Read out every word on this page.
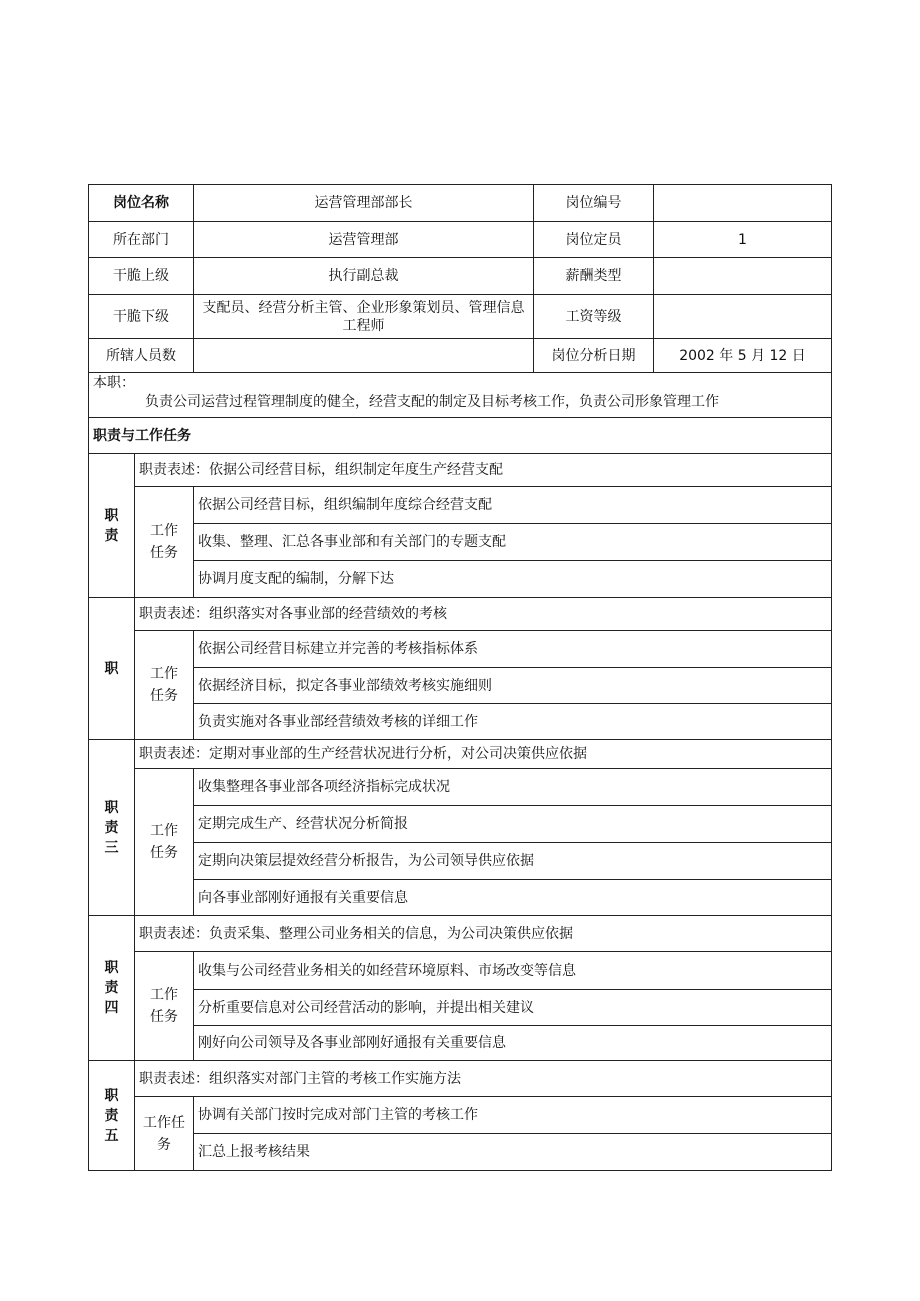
岗位名称		运营管理部部长	岗位编号	
所在部门		运营管理部	岗位定员	1
干脆上级		执行副总裁	薪酬类型	
干脆下级		支配员、经营分析主管、企业形象策划员、管理信息工程师	工资等级	
所辖人员数			岗位分析日期	2002 年 5 月 12 日

本职：
负责公司运营过程管理制度的健全，经营支配的制定及目标考核工作，负责公司形象管理工作				

职责与工作任务				

职
责	职责表述：依据公司经营目标，组织制定年度生产经营支配			

	工作
任务	依据公司经营目标，组织编制年度综合经营支配		
		收集、整理、汇总各事业部和有关部门的专题支配		
		协调月度支配的编制，分解下达		

职	职责表述：组织落实对各事业部的经营绩效的考核			

	工作
任务	依据公司经营目标建立并完善的考核指标体系		
		依据经济目标，拟定各事业部绩效考核实施细则		
		负责实施对各事业部经营绩效考核的详细工作		

职
责
三	职责表述：定期对事业部的生产经营状况进行分析，对公司决策供应依据			

	工作
任务	收集整理各事业部各项经济指标完成状况		
		定期完成生产、经营状况分析简报		
		定期向决策层提效经营分析报告，为公司领导供应依据		
		向各事业部刚好通报有关重要信息		

职
责
四	职责表述：负责采集、整理公司业务相关的信息，为公司决策供应依据			

	工作
任务	收集与公司经营业务相关的如经营环境原料、市场改变等信息		
		分析重要信息对公司经营活动的影响，并提出相关建议		
		刚好向公司领导及各事业部刚好通报有关重要信息		

职
责
五	职责表述：组织落实对部门主管的考核工作实施方法			

	工作任
务	协调有关部门按时完成对部门主管的考核工作		
		汇总上报考核结果		
